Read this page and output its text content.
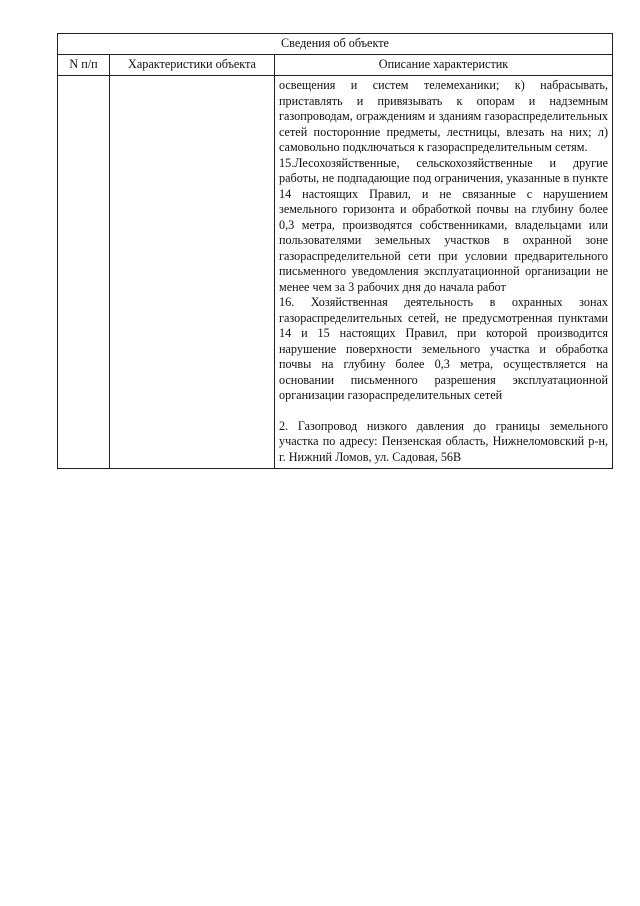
Сведения об объекте		
N п/п	Характеристики объекта	Описание характеристик

		освещения и систем телемеханики; к) набрасывать, приставлять и привязывать к опорам и надземным газопроводам, ограждениям и зданиям газораспределительных сетей посторонние предметы, лестницы, влезать на них; л) самовольно подключаться к газораспределительным сетям.

15.Лесохозяйственные, сельскохозяйственные и другие работы, не подпадающие под ограничения, указанные в пункте 14 настоящих Правил, и не связанные с нарушением земельного горизонта и обработкой почвы на глубину более 0,3 метра, производятся собственниками, владельцами или пользователями земельных участков в охранной зоне газораспределительной сети при условии предварительного письменного уведомления эксплуатационной организации не менее чем за 3 рабочих дня до начала работ

16. Хозяйственная деятельность в охранных зонах газораспределительных сетей, не предусмотренная пунктами 14 и 15 настоящих Правил, при которой производится нарушение поверхности земельного участка и обработка почвы на глубину более 0,3 метра, осуществляется на основании письменного разрешения эксплуатационной организации газораспределительных сетей

2. Газопровод низкого давления до границы земельного участка по адресу: Пензенская область, Нижнеломовский р-н, г. Нижний Ломов, ул. Садовая, 56В
